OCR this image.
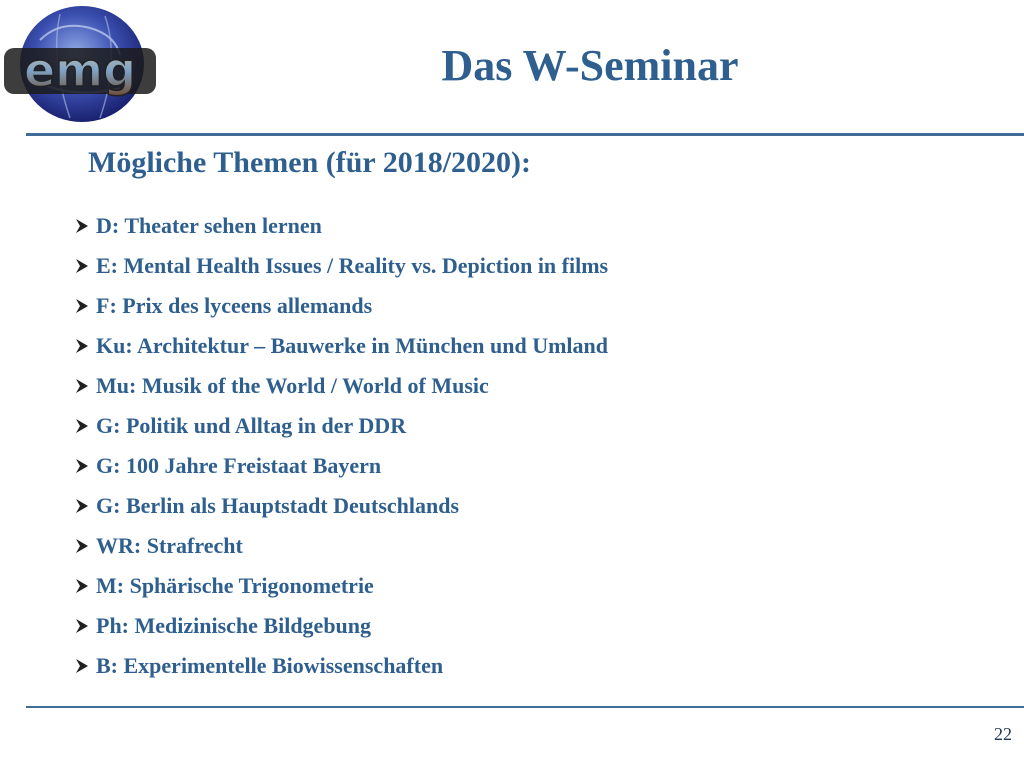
emg	Das W-Seminar
Mögliche Themen (für 2018/2020):
D: Theater sehen lernen
E: Mental Health Issues / Reality vs. Depiction in films
F: Prix des lyceens allemands
Ku: Architektur – Bauwerke in München und Umland
Mu: Musik of the World / World of Music
G: Politik und Alltag in der DDR
G: 100 Jahre Freistaat Bayern
G: Berlin als Hauptstadt Deutschlands
WR: Strafrecht
M: Sphärische Trigonometrie
Ph: Medizinische Bildgebung
B: Experimentelle Biowissenschaften
22
